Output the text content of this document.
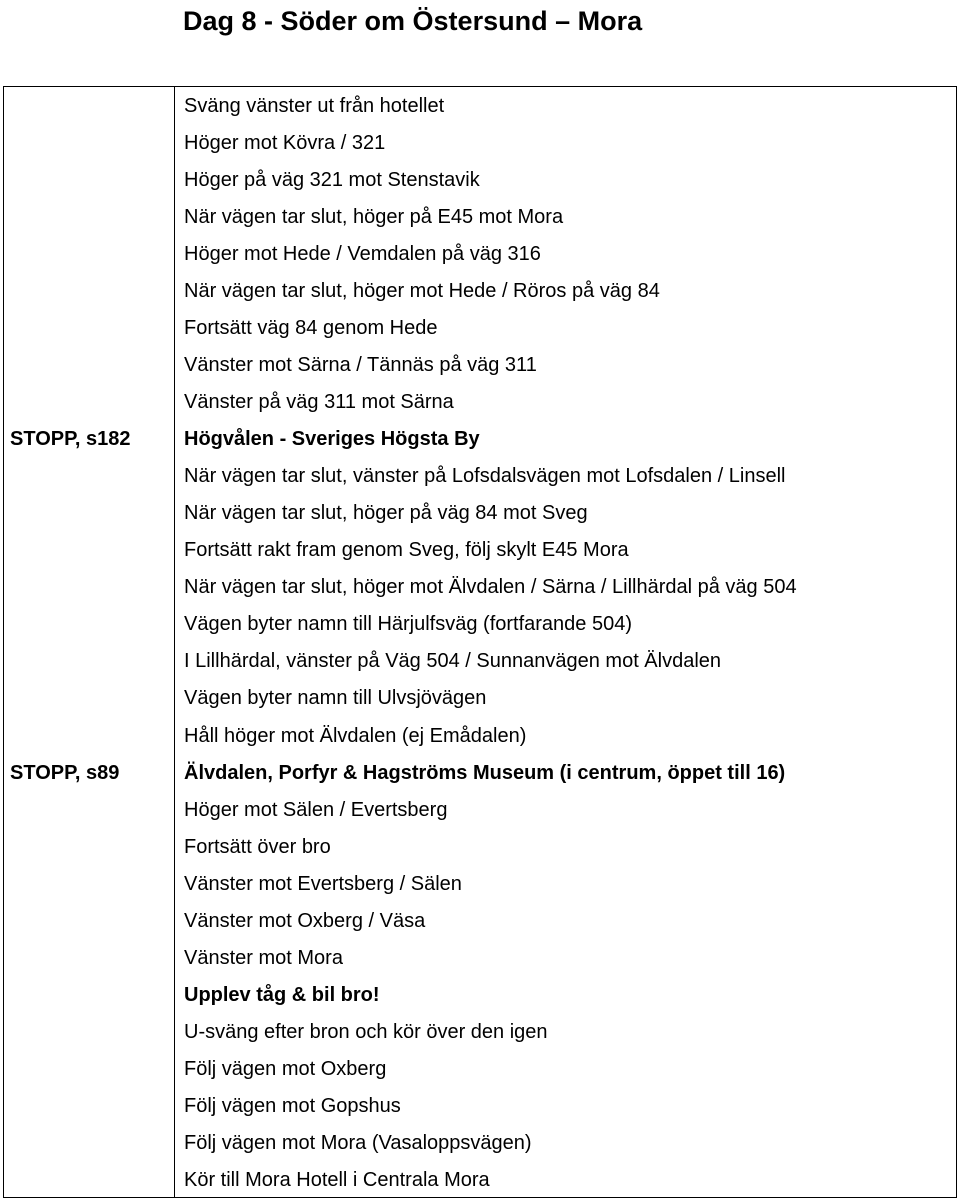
Dag 8 - Söder om Östersund – Mora
Sväng vänster ut från hotellet
Höger mot Kövra / 321
Höger på väg 321 mot Stenstavik
När vägen tar slut, höger på E45 mot Mora
Höger mot Hede / Vemdalen på väg 316
När vägen tar slut, höger mot Hede / Röros på väg 84
Fortsätt väg 84 genom Hede
Vänster mot Särna / Tännäs på väg 311
Vänster på väg 311 mot Särna
STOPP, s182	Högvålen - Sveriges Högsta By
När vägen tar slut, vänster på Lofsdalsvägen mot Lofsdalen / Linsell
När vägen tar slut, höger på väg 84 mot Sveg
Fortsätt rakt fram genom Sveg, följ skylt E45 Mora
När vägen tar slut, höger mot Älvdalen / Särna / Lillhärdal på väg 504
Vägen byter namn till Härjulfsväg (fortfarande 504)
I Lillhärdal, vänster på Väg 504 / Sunnanvägen mot Älvdalen
Vägen byter namn till Ulvsjövägen
Håll höger mot Älvdalen (ej Emådalen)
STOPP, s89	Älvdalen, Porfyr & Hagströms Museum (i centrum, öppet till 16)
Höger mot Sälen / Evertsberg
Fortsätt över bro
Vänster mot Evertsberg / Sälen
Vänster mot Oxberg / Väsa
Vänster mot Mora
Upplev tåg & bil bro!
U-sväng efter bron och kör över den igen
Följ vägen mot Oxberg
Följ vägen mot Gopshus
Följ vägen mot Mora (Vasaloppsvägen)
Kör till Mora Hotell i Centrala Mora
